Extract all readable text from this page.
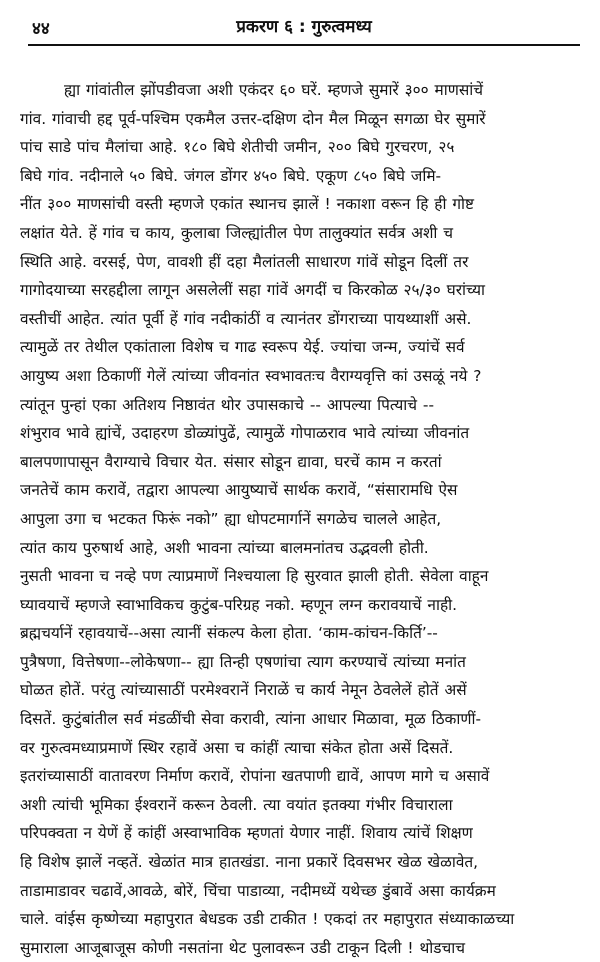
४४	प्रकरण ६ : गुरुत्वमध्य
ह्या गांवांतील झोंपडीवजा अशी एकंदर ६० घरें. म्हणजे सुमारें ३०० माणसांचें
गांव. गांवाची हद्द पूर्व-पश्चिम एकमैल उत्तर-दक्षिण दोन मैल मिळून सगळा घेर सुमारें
पांच साडे पांच मैलांचा आहे. १८० बिघे शेतीची जमीन, २०० बिघे गुरचरण, २५
बिघे गांव. नदीनाले ५० बिघे. जंगल डोंगर ४५० बिघे. एकूण ८५० बिघे जमि-
नींत ३०० माणसांची वस्ती म्हणजे एकांत स्थानच झालें ! नकाशा वरून हि ही गोष्ट
लक्षांत येते. हें गांव च काय, कुलाबा जिल्ह्यांतील पेण तालुक्यांत सर्वत्र अशी च
स्थिति आहे. वरसई, पेण, वावशी हीं दहा मैलांतली साधारण गांवें सोडून दिलीं तर
गागोदयाच्या सरहद्दीला लागून असलेलीं सहा गांवें अगदीं च किरकोळ २५/३० घरांच्या
वस्तीचीं आहेत. त्यांत पूर्वी हें गांव नदीकांठीं व त्यानंतर डोंगराच्या पायथ्याशीं असे.
त्यामुळें तर तेथील एकांताला विशेष च गाढ स्वरूप येई. ज्यांचा जन्म, ज्यांचें सर्व
आयुष्य अशा ठिकाणीं गेलें त्यांच्या जीवनांत स्वभावतःच वैराग्यवृत्ति कां उसळूं नये ?
त्यांतून पुन्हां एका अतिशय निष्ठावंत थोर उपासकाचे -- आपल्या पित्याचे --
शंभुराव भावे ह्यांचें, उदाहरण डोळ्यांपुढें, त्यामुळें गोपाळराव भावे त्यांच्या जीवनांत
बालपणापासून वैराग्याचे विचार येत. संसार सोडून द्यावा, घरचें काम न करतां
जनतेचें काम करावें, तद्वारा आपल्या आयुष्याचें सार्थक करावें, “संसारामधि ऐस
आपुला उगा च भटकत फिरूं नको” ह्या धोपटमार्गानें सगळेच चालले आहेत,
त्यांत काय पुरुषार्थ आहे, अशी भावना त्यांच्या बालमनांतच उद्भवली होती.
नुसती भावना च नव्हे पण त्याप्रमाणें निश्चयाला हि सुरवात झाली होती. सेवेला वाहून
घ्यावयाचें म्हणजे स्वाभाविकच कुटुंब-परिग्रह नको. म्हणून लग्न करावयाचें नाही.
ब्रह्मचर्यानें रहावयाचें--असा त्यानीं संकल्प केला होता. ‘काम-कांचन-किर्ति’--
पुत्रैषणा, वित्तेषणा--लोकेषणा-- ह्या तिन्ही एषणांचा त्याग करण्याचें त्यांच्या मनांत
घोळत होतें. परंतु त्यांच्यासाठीं परमेश्वरानें निराळें च कार्य नेमून ठेवलेलें होतें असें
दिसतें. कुटुंबांतील सर्व मंडळींची सेवा करावी, त्यांना आधार मिळावा, मूळ ठिकाणीं-
वर गुरुत्वमध्याप्रमाणें स्थिर रहावें असा च कांहीं त्याचा संकेत होता असें दिसतें.
इतरांच्यासाठीं वातावरण निर्माण करावें, रोपांना खतपाणी द्यावें, आपण मागे च असावें
अशी त्यांची भूमिका ईश्वरानें करून ठेवली. त्या वयांत इतक्या गंभीर विचाराला
परिपक्वता न येणें हें कांहीं अस्वाभाविक म्हणतां येणार नाहीं. शिवाय त्यांचें शिक्षण
हि विशेष झालें नव्हतें. खेळांत मात्र हातखंडा. नाना प्रकारें दिवसभर खेळ खेळावेत,
ताडामाडावर चढावें,आवळे, बोरें, चिंचा पाडाव्या, नदीमध्यें यथेच्छ डुंबावें असा कार्यक्रम
चाले. वांईस कृष्णेच्या महापुरात बेधडक उडी टाकीत ! एकदां तर महापुरात संध्याकाळच्या
सुमाराला आजूबाजूस कोणी नसतांना थेट पुलावरून उडी टाकून दिली ! थोडचाच
